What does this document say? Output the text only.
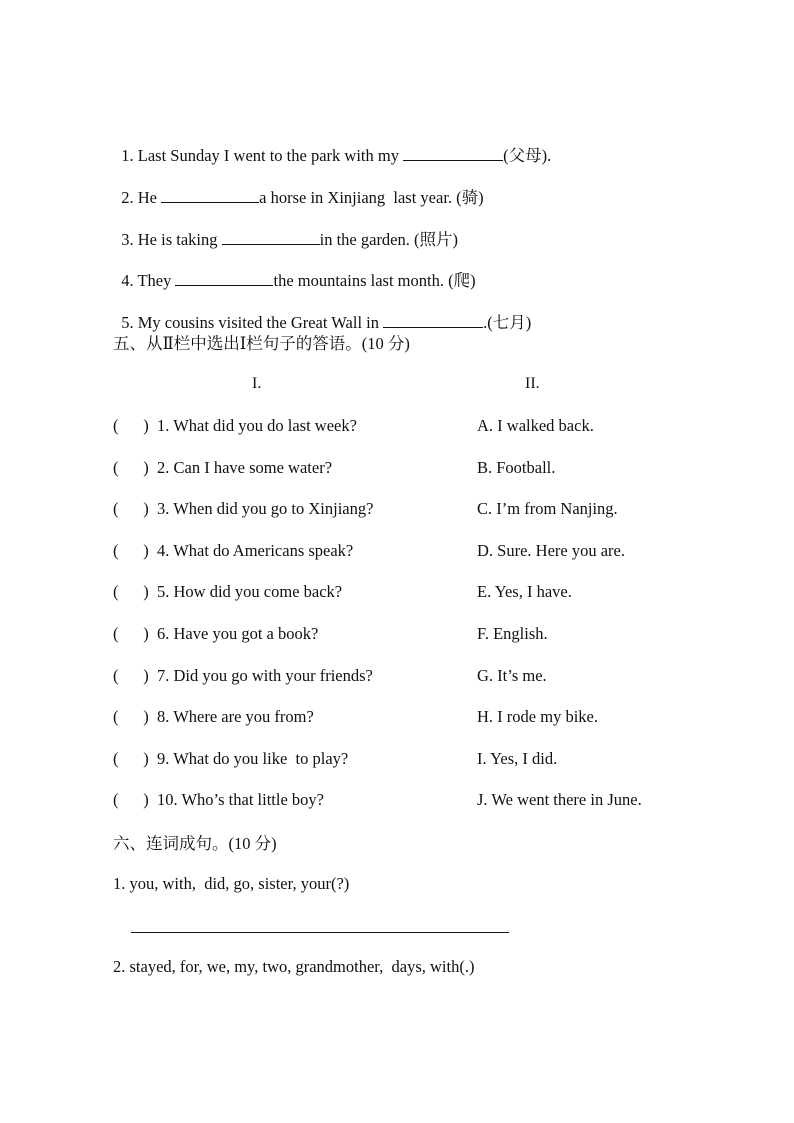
1. Last Sunday I went to the park with my	(父母).

2. He	a horse in Xinjiang  last year. (骑)

3. He is taking	in the garden. (照片)

4. They	the mountains last month. (爬)

5. My cousins visited the Great Wall in	.(七月)

五、从Ⅱ栏中选出Ⅰ栏句子的答语。(10 分)
I.	II.
(      ) 1. What did you do last week?	A. I walked back.
(      ) 2. Can I have some water?	B. Football.
(      ) 3. When did you go to Xinjiang?	C. I’m from Nanjing.
(      ) 4. What do Americans speak?	D. Sure. Here you are.
(      ) 5. How did you come back?	E. Yes, I have.
(      ) 6. Have you got a book?	F. English.
(      ) 7. Did you go with your friends?	G. It’s me.
(      ) 8. Where are you from?	H. I rode my bike.
(      ) 9. What do you like  to play?	I. Yes, I did.
(      ) 10. Who’s that little boy?	J. We went there in June.
六、连词成句。(10 分)
1. you, with,  did, go, sister, your(?)
2. stayed, for, we, my, two, grandmother,  days, with(.)
